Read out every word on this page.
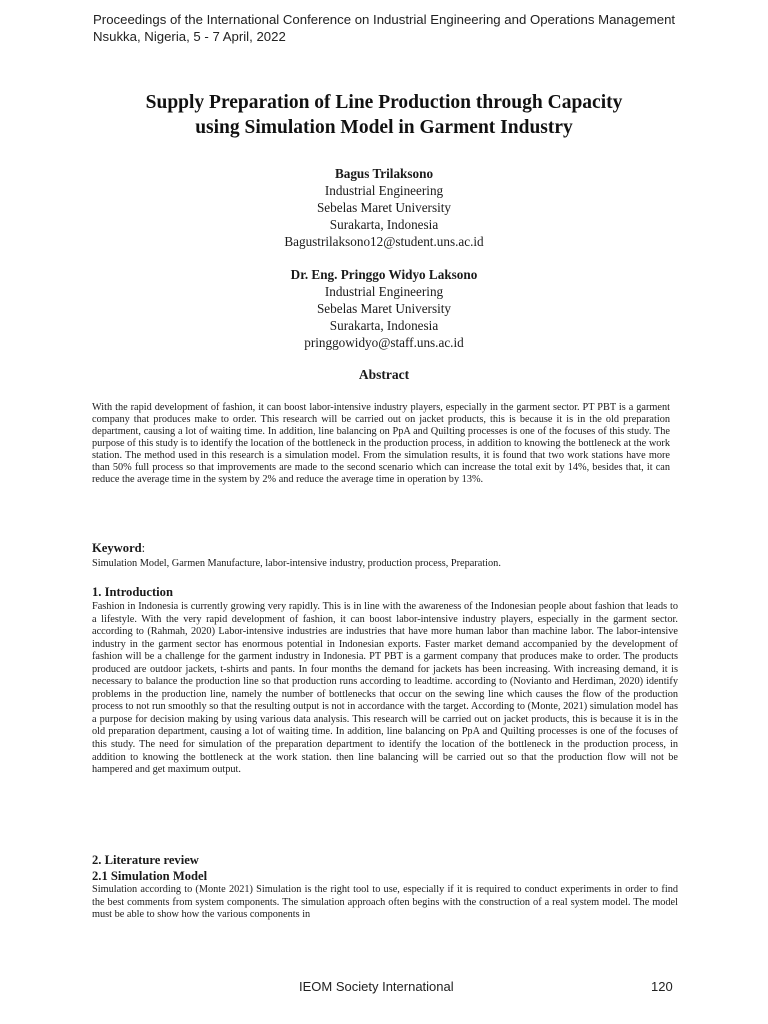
Proceedings of the International Conference on Industrial Engineering and Operations Management
Nsukka, Nigeria, 5 - 7 April, 2022
Supply Preparation of Line Production through Capacity
using Simulation Model in Garment Industry
Bagus Trilaksono
Industrial Engineering
Sebelas Maret University
Surakarta, Indonesia
Bagustrilaksono12@student.uns.ac.id
Dr. Eng. Pringgo Widyo Laksono
Industrial Engineering
Sebelas Maret University
Surakarta, Indonesia
pringgowidyo@staff.uns.ac.id
Abstract
With the rapid development of fashion, it can boost labor-intensive industry players, especially in the garment sector. PT PBT is a garment company that produces make to order. This research will be carried out on jacket products, this is because it is in the old preparation department, causing a lot of waiting time. In addition, line balancing on PpA and Quilting processes is one of the focuses of this study. The purpose of this study is to identify the location of the bottleneck in the production process, in addition to knowing the bottleneck at the work station. The method used in this research is a simulation model. From the simulation results, it is found that two work stations have more than 50% full process so that improvements are made to the second scenario which can increase the total exit by 14%, besides that, it can reduce the average time in the system by 2% and reduce the average time in operation by 13%.
Keyword:
Simulation Model, Garmen Manufacture, labor-intensive industry, production process, Preparation.
1. Introduction
Fashion in Indonesia is currently growing very rapidly. This is in line with the awareness of the Indonesian people about fashion that leads to a lifestyle. With the very rapid development of fashion, it can boost labor-intensive industry players, especially in the garment sector. according to (Rahmah, 2020) Labor-intensive industries are industries that have more human labor than machine labor. The labor-intensive industry in the garment sector has enormous potential in Indonesian exports. Faster market demand accompanied by the development of fashion will be a challenge for the garment industry in Indonesia. PT PBT is a garment company that produces make to order. The products produced are outdoor jackets, t-shirts and pants. In four months the demand for jackets has been increasing. With increasing demand, it is necessary to balance the production line so that production runs according to leadtime. according to (Novianto and Herdiman, 2020) identify problems in the production line, namely the number of bottlenecks that occur on the sewing line which causes the flow of the production process to not run smoothly so that the resulting output is not in accordance with the target. According to (Monte, 2021) simulation model has a purpose for decision making by using various data analysis. This research will be carried out on jacket products, this is because it is in the old preparation department, causing a lot of waiting time. In addition, line balancing on PpA and Quilting processes is one of the focuses of this study. The need for simulation of the preparation department to identify the location of the bottleneck in the production process, in addition to knowing the bottleneck at the work station. then line balancing will be carried out so that the production flow will not be hampered and get maximum output.
2. Literature review
2.1 Simulation Model
Simulation according to (Monte 2021) Simulation is the right tool to use, especially if it is required to conduct experiments in order to find the best comments from system components. The simulation approach often begins with the construction of a real system model. The model must be able to show how the various components in
IEOM Society International	120
